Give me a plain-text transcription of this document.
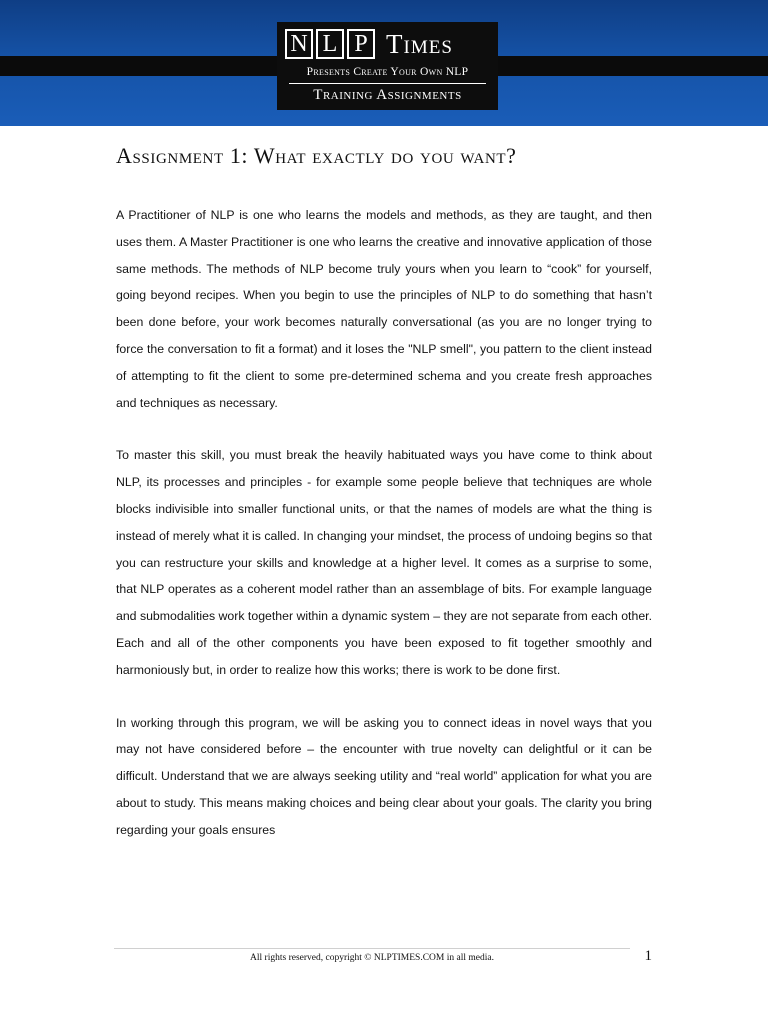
N L P Times
Presents Create Your Own NLP
Training Assignments
Assignment 1: What exactly do you want?

A Practitioner of NLP is one who learns the models and methods, as they are taught, and then uses them. A Master Practitioner is one who learns the creative and innovative application of those same methods. The methods of NLP become truly yours when you learn to “cook” for yourself, going beyond recipes. When you begin to use the principles of NLP to do something that hasn’t been done before, your work becomes naturally conversational (as you are no longer trying to force the conversation to fit a format) and it loses the "NLP smell", you pattern to the client instead of attempting to fit the client to some pre-determined schema and you create fresh approaches and techniques as necessary.

To master this skill, you must break the heavily habituated ways you have come to think about NLP, its processes and principles - for example some people believe that techniques are whole blocks indivisible into smaller functional units, or that the names of models are what the thing is instead of merely what it is called. In changing your mindset, the process of undoing begins so that you can restructure your skills and knowledge at a higher level. It comes as a surprise to some, that NLP operates as a coherent model rather than an assemblage of bits. For example language and submodalities work together within a dynamic system – they are not separate from each other. Each and all of the other components you have been exposed to fit together smoothly and harmoniously but, in order to realize how this works; there is work to be done first.

In working through this program, we will be asking you to connect ideas in novel ways that you may not have considered before – the encounter with true novelty can delightful or it can be difficult. Understand that we are always seeking utility and “real world” application for what you are about to study. This means making choices and being clear about your goals. The clarity you bring regarding your goals ensures

All rights reserved, copyright © NLPTIMES.COM in all media.	1
